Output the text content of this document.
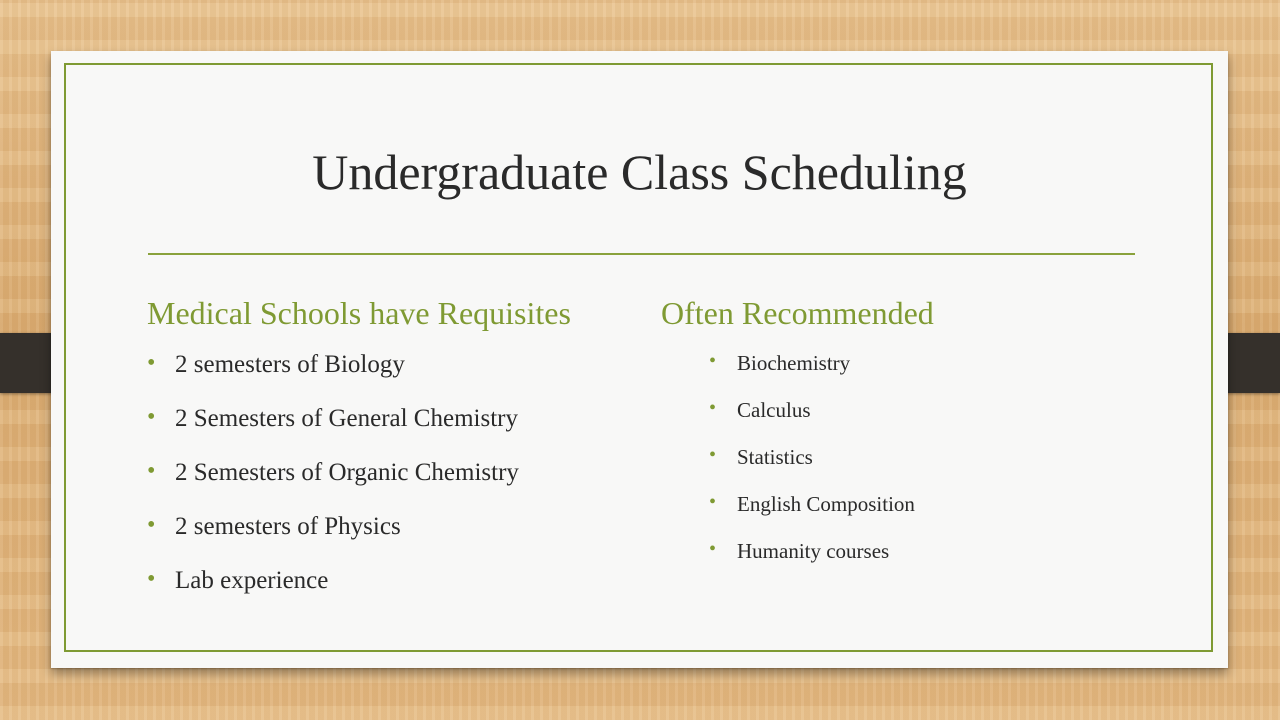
Undergraduate Class Scheduling
Medical Schools have Requisites	Often Recommended
• 2 semesters of Biology
• 2 Semesters of General Chemistry
• 2 Semesters of Organic Chemistry
• 2 semesters of Physics
• Lab experience
• Biochemistry
• Calculus
• Statistics
• English Composition
• Humanity courses
